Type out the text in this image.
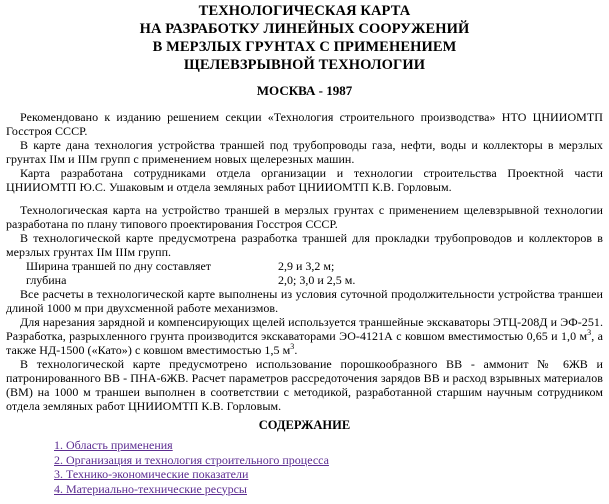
ТЕХНОЛОГИЧЕСКАЯ КАРТА
НА РАЗРАБОТКУ ЛИНЕЙНЫХ СООРУЖЕНИЙ
В МЕРЗЛЫХ ГРУНТАХ С ПРИМЕНЕНИЕМ
ЩЕЛЕВЗРЫВНОЙ ТЕХНОЛОГИИ
МОСКВА - 1987

Рекомендовано к изданию решением секции «Технология строительного производства» НТО ЦНИИОМТП Госстроя СССР.

В карте дана технология устройства траншей под трубопроводы газа, нефти, воды и коллекторы в мерзлых грунтах IIм и IIIм групп с применением новых щелерезных машин.

Карта разработана сотрудниками отдела организации и технологии строительства Проектной части ЦНИИОМТП Ю.С. Ушаковым и отдела земляных работ ЦНИИОМТП К.В. Горловым.

Технологическая карта на устройство траншей в мерзлых грунтах с применением щелевзрывной технологии разработана по плану типового проектирования Госстроя СССР.

В технологической карте предусмотрена разработка траншей для прокладки трубопроводов и коллекторов в мерзлых грунтах IIм IIIм групп.

Ширина траншей по дну составляет	2,9 и 3,2 м;
глубина	2,0; 3,0 и 2,5 м.

Все расчеты в технологической карте выполнены из условия суточной продолжительности устройства траншеи длиной 1000 м при двухсменной работе механизмов.

Для нарезания зарядной и компенсирующих щелей используется траншейные экскаваторы ЭТЦ-208Д и ЭФ-251. Разработка, разрыхленного грунта производится экскаваторами ЭО-4121А с ковшом вместимостью 0,65 и 1,0 $м^3$, а также НД-1500 («Като») с ковшом вместимостью 1,5 $м^3$.

В технологической карте предусмотрено использование порошкообразного ВВ - аммонит № 6ЖВ и патронированного ВВ - ПНА-6ЖВ. Расчет параметров рассредоточения зарядов ВВ и расход взрывных материалов (ВМ) на 1000 м траншеи выполнен в соответствии с методикой, разработанной старшим научным сотрудником отдела земляных работ ЦНИИОМТП К.В. Горловым.

СОДЕРЖАНИЕ
1. Область применения
2. Организация и технология строительного процесса
3. Технико-экономические показатели
4. Материально-технические ресурсы
